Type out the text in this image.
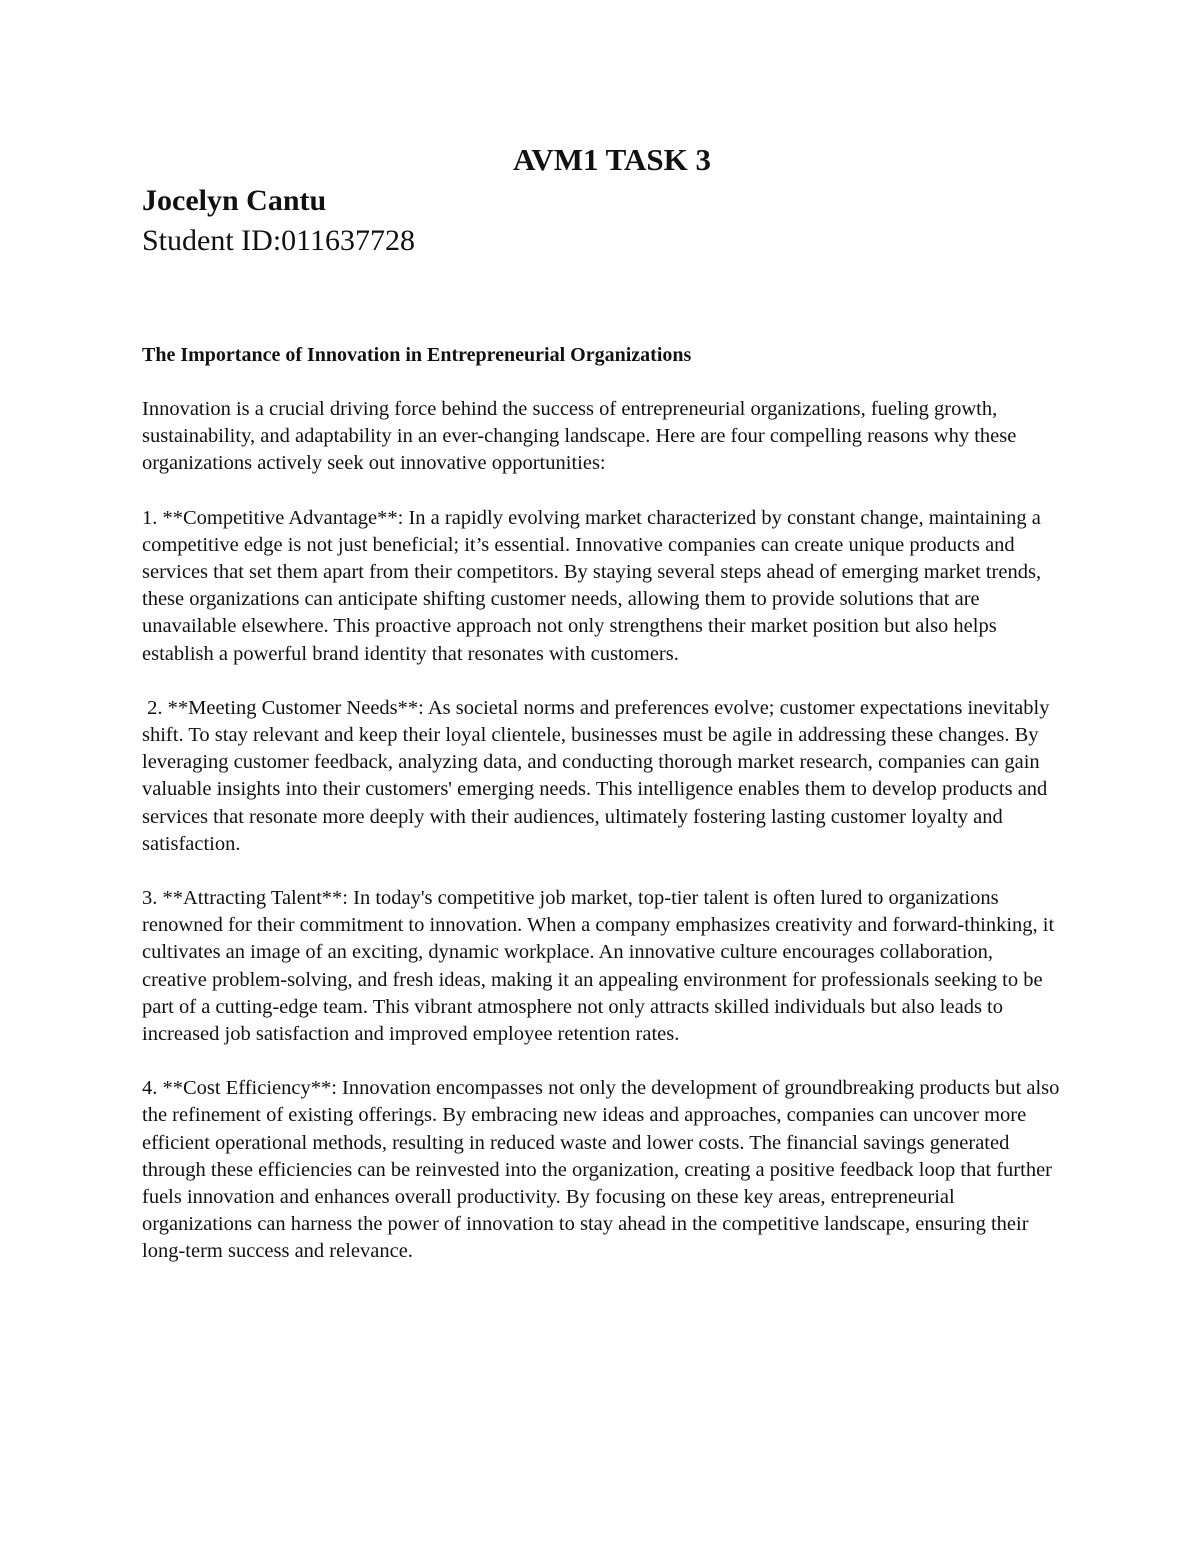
AVM1 TASK 3

Jocelyn Cantu

Student ID:011637728

The Importance of Innovation in Entrepreneurial Organizations

Innovation is a crucial driving force behind the success of entrepreneurial organizations, fueling growth, sustainability, and adaptability in an ever-changing landscape. Here are four compelling reasons why these organizations actively seek out innovative opportunities:

1. **Competitive Advantage**: In a rapidly evolving market characterized by constant change, maintaining a competitive edge is not just beneficial; it’s essential. Innovative companies can create unique products and services that set them apart from their competitors. By staying several steps ahead of emerging market trends, these organizations can anticipate shifting customer needs, allowing them to provide solutions that are unavailable elsewhere. This proactive approach not only strengthens their market position but also helps establish a powerful brand identity that resonates with customers.

2. **Meeting Customer Needs**: As societal norms and preferences evolve; customer expectations inevitably shift. To stay relevant and keep their loyal clientele, businesses must be agile in addressing these changes. By leveraging customer feedback, analyzing data, and conducting thorough market research, companies can gain valuable insights into their customers' emerging needs. This intelligence enables them to develop products and services that resonate more deeply with their audiences, ultimately fostering lasting customer loyalty and satisfaction.

3. **Attracting Talent**: In today's competitive job market, top-tier talent is often lured to organizations renowned for their commitment to innovation. When a company emphasizes creativity and forward-thinking, it cultivates an image of an exciting, dynamic workplace. An innovative culture encourages collaboration, creative problem-solving, and fresh ideas, making it an appealing environment for professionals seeking to be part of a cutting-edge team. This vibrant atmosphere not only attracts skilled individuals but also leads to increased job satisfaction and improved employee retention rates.

4. **Cost Efficiency**: Innovation encompasses not only the development of groundbreaking products but also the refinement of existing offerings. By embracing new ideas and approaches, companies can uncover more efficient operational methods, resulting in reduced waste and lower costs. The financial savings generated through these efficiencies can be reinvested into the organization, creating a positive feedback loop that further fuels innovation and enhances overall productivity. By focusing on these key areas, entrepreneurial organizations can harness the power of innovation to stay ahead in the competitive landscape, ensuring their long-term success and relevance.
